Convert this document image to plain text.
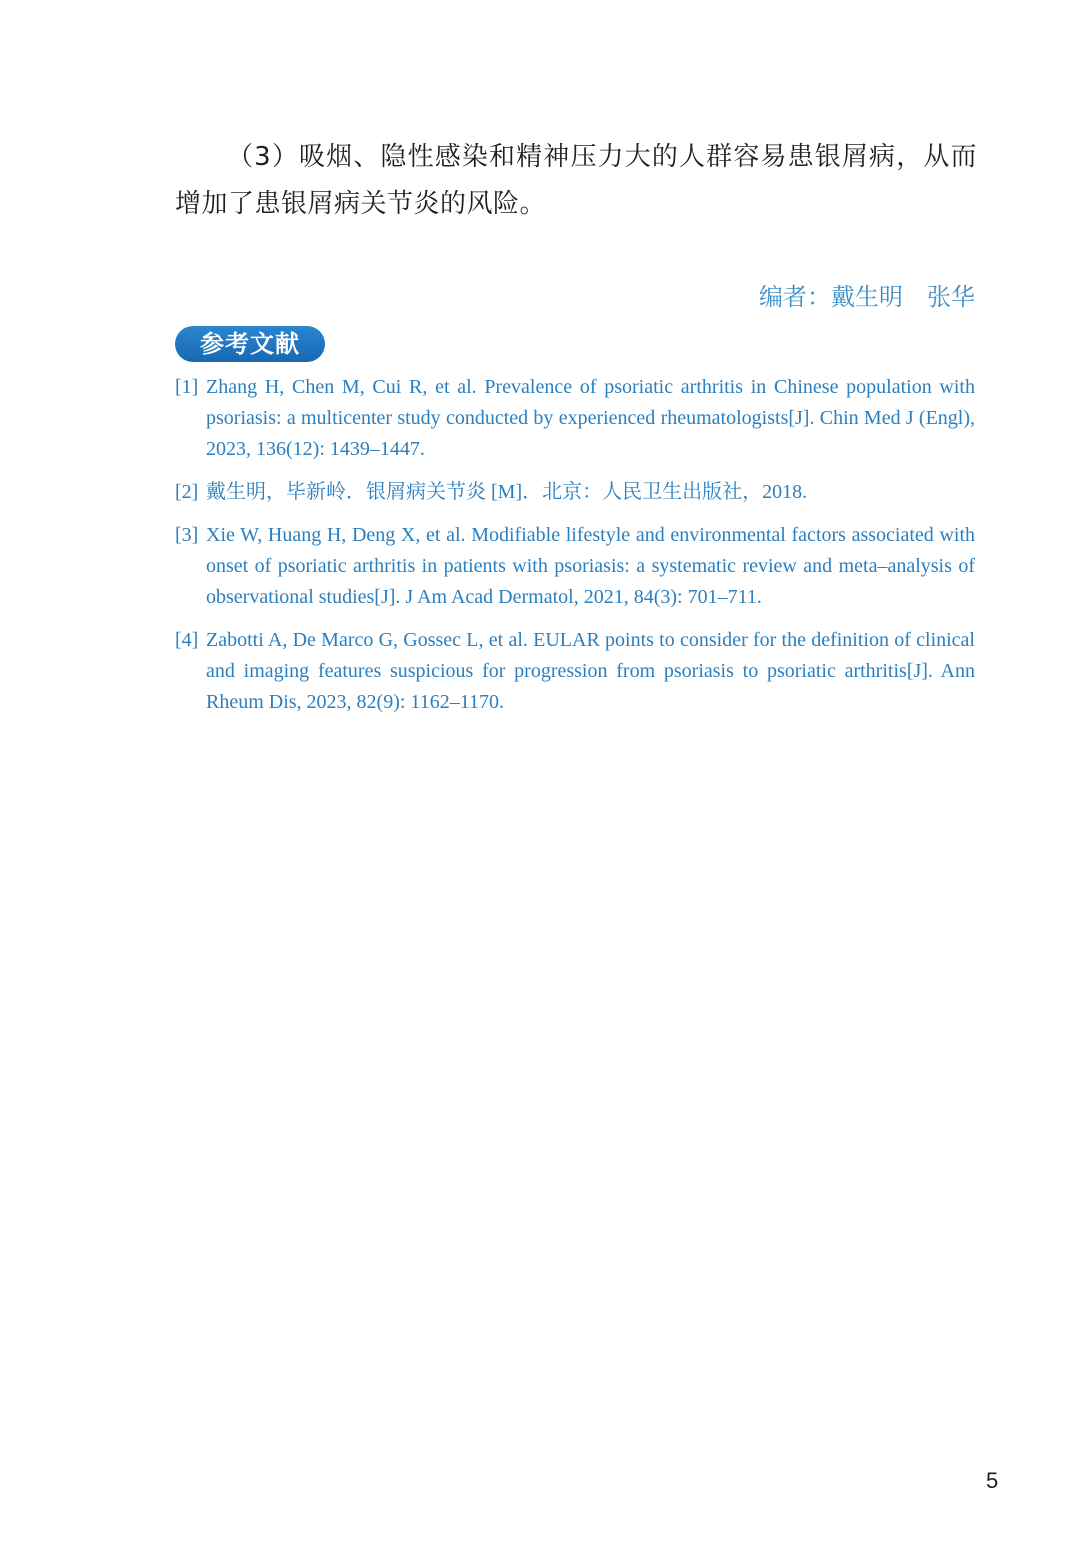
（3）吸烟、隐性感染和精神压力大的人群容易患银屑病，从而增加了患银屑病关节炎的风险。

编者：戴生明　张华

参考文献
[1] Zhang H, Chen M, Cui R, et al. Prevalence of psoriatic arthritis in Chinese population with psoriasis: a multicenter study conducted by experienced rheumatologists[J]. Chin Med J (Engl), 2023, 136(12): 1439–1447.
[2] 戴生明，毕新岭．银屑病关节炎 [M]．北京：人民卫生出版社，2018.
[3] Xie W, Huang H, Deng X, et al. Modifiable lifestyle and environmental factors associated with onset of psoriatic arthritis in patients with psoriasis: a systematic review and meta–analysis of observational studies[J]. J Am Acad Dermatol, 2021, 84(3): 701–711.
[4] Zabotti A, De Marco G, Gossec L, et al. EULAR points to consider for the definition of clinical and imaging features suspicious for progression from psoriasis to psoriatic arthritis[J]. Ann Rheum Dis, 2023, 82(9): 1162–1170.
5
